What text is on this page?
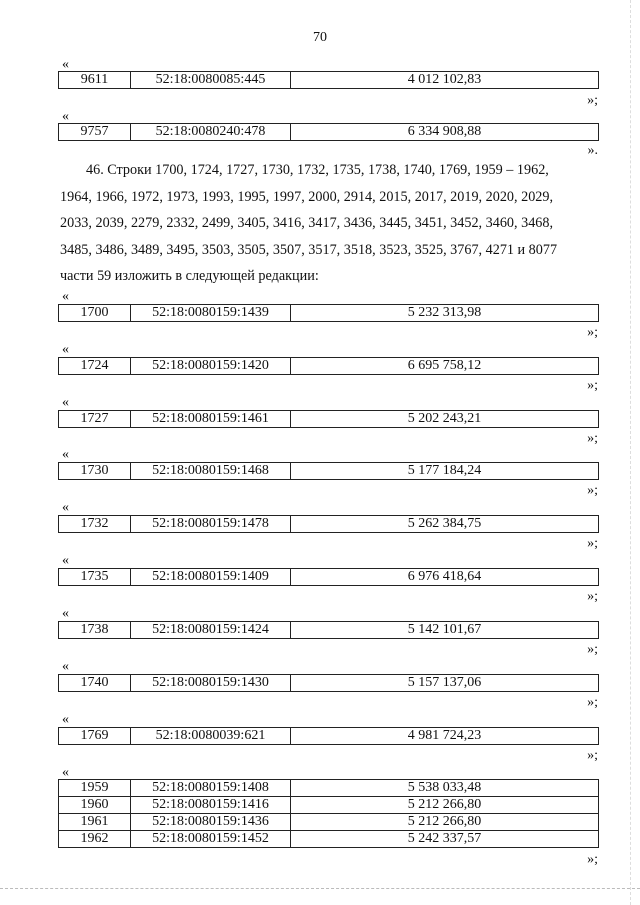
70
«
9611	52:18:0080085:445	4 012 102,83
»;
«
9757	52:18:0080240:478	6 334 908,88
».

46. Строки 1700, 1724, 1727, 1730, 1732, 1735, 1738, 1740, 1769, 1959 – 1962,

1964, 1966, 1972, 1973, 1993, 1995, 1997, 2000, 2914, 2015, 2017, 2019, 2020, 2029,

2033, 2039, 2279, 2332, 2499, 3405, 3416, 3417, 3436, 3445, 3451, 3452, 3460, 3468,

3485, 3486, 3489, 3495, 3503, 3505, 3507, 3517, 3518, 3523, 3525, 3767, 4271 и 8077

части 59 изложить в следующей редакции:

«
1700	52:18:0080159:1439	5 232 313,98
»;
«
1724	52:18:0080159:1420	6 695 758,12
»;
«
1727	52:18:0080159:1461	5 202 243,21
»;
«
1730	52:18:0080159:1468	5 177 184,24
»;
«
1732	52:18:0080159:1478	5 262 384,75
»;
«
1735	52:18:0080159:1409	6 976 418,64
»;
«
1738	52:18:0080159:1424	5 142 101,67
»;
«
1740	52:18:0080159:1430	5 157 137,06
»;
«
1769	52:18:0080039:621	4 981 724,23
»;
«
1959	52:18:0080159:1408	5 538 033,48
1960	52:18:0080159:1416	5 212 266,80
1961	52:18:0080159:1436	5 212 266,80
1962	52:18:0080159:1452	5 242 337,57
»;
